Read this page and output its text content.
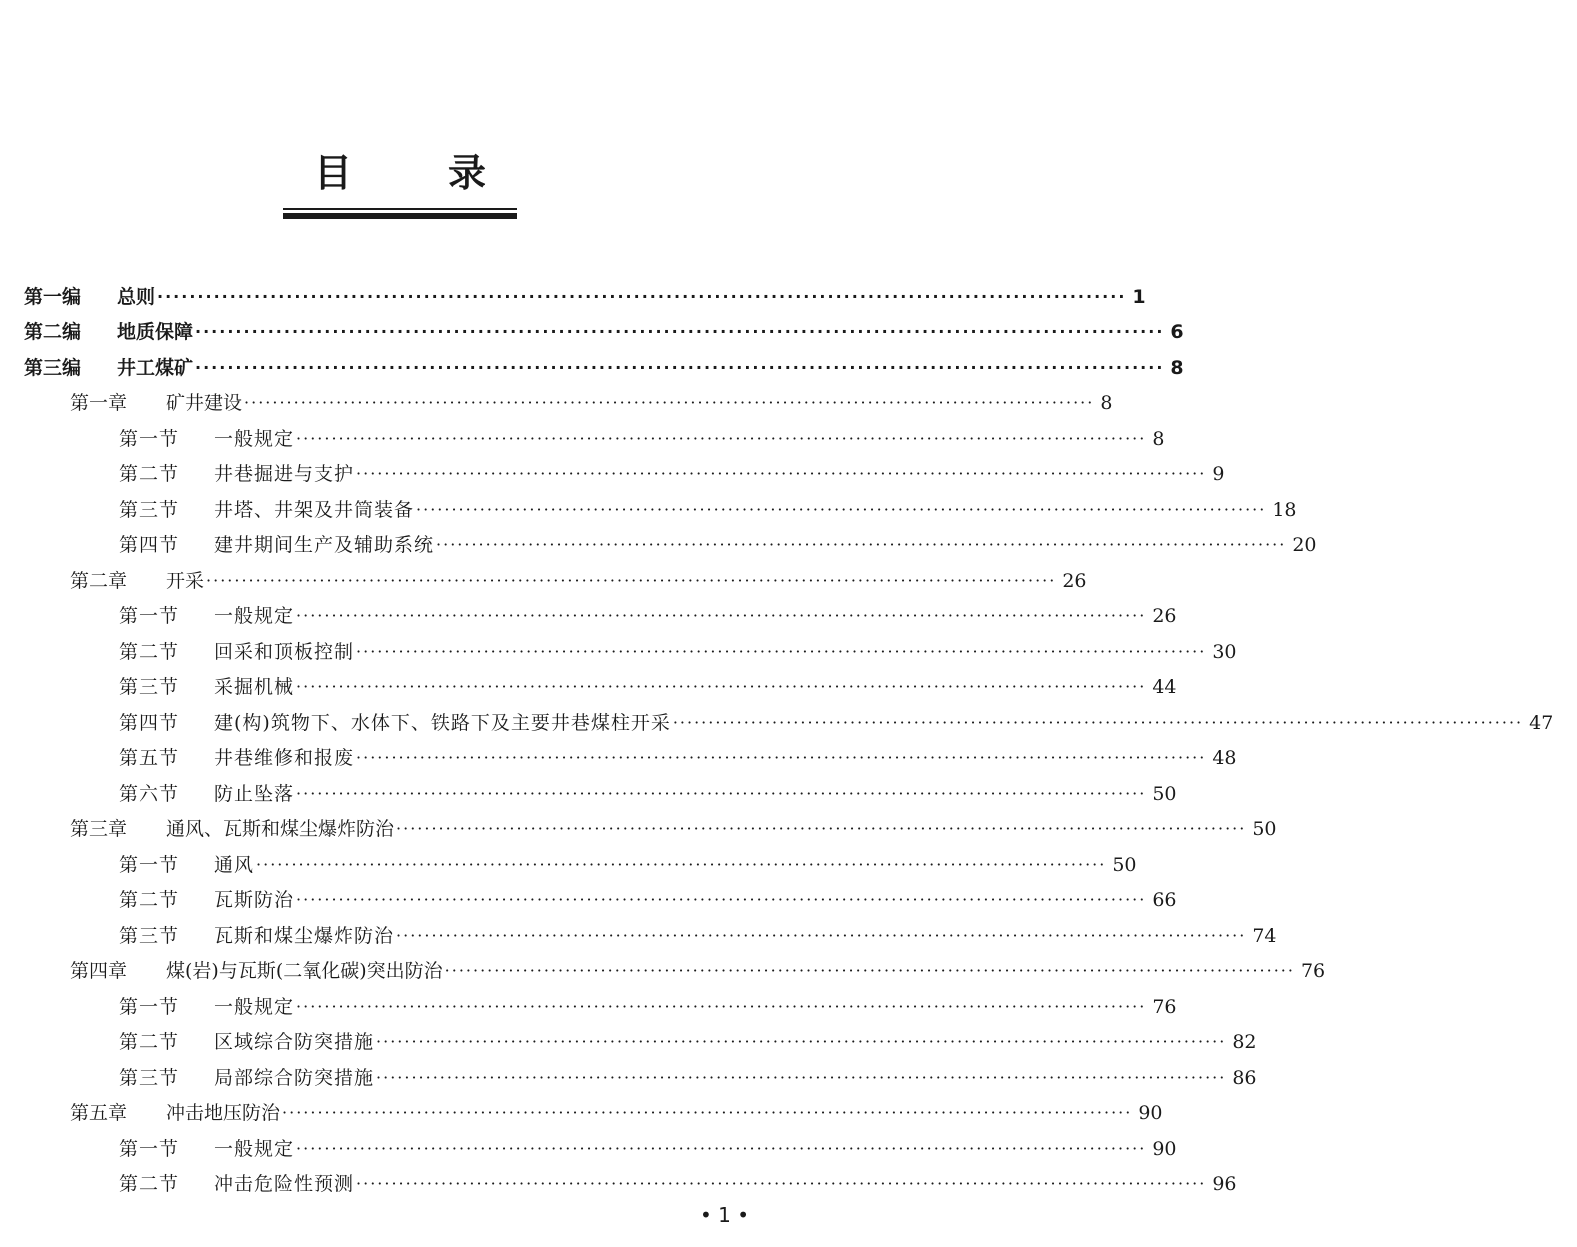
目	录
第一编 总则 ························································································································ 1
第二编 地质保障 ························································································································ 6
第三编 井工煤矿 ························································································································ 8
第一章 矿井建设 ························································································································ 8
第一节 一般规定 ························································································································ 8
第二节 井巷掘进与支护 ························································································································ 9
第三节 井塔、井架及井筒装备 ························································································································ 18
第四节 建井期间生产及辅助系统 ························································································································ 20
第二章 开采 ························································································································ 26
第一节 一般规定 ························································································································ 26
第二节 回采和顶板控制 ························································································································ 30
第三节 采掘机械 ························································································································ 44
第四节 建(构)筑物下、水体下、铁路下及主要井巷煤柱开采 ························································································································ 47
第五节 井巷维修和报废 ························································································································ 48
第六节 防止坠落 ························································································································ 50
第三章 通风、瓦斯和煤尘爆炸防治 ························································································································ 50
第一节 通风 ························································································································ 50
第二节 瓦斯防治 ························································································································ 66
第三节 瓦斯和煤尘爆炸防治 ························································································································ 74
第四章 煤(岩)与瓦斯(二氧化碳)突出防治 ························································································································ 76
第一节 一般规定 ························································································································ 76
第二节 区域综合防突措施 ························································································································ 82
第三节 局部综合防突措施 ························································································································ 86
第五章 冲击地压防治 ························································································································ 90
第一节 一般规定 ························································································································ 90
第二节 冲击危险性预测 ························································································································ 96
• 1 •
